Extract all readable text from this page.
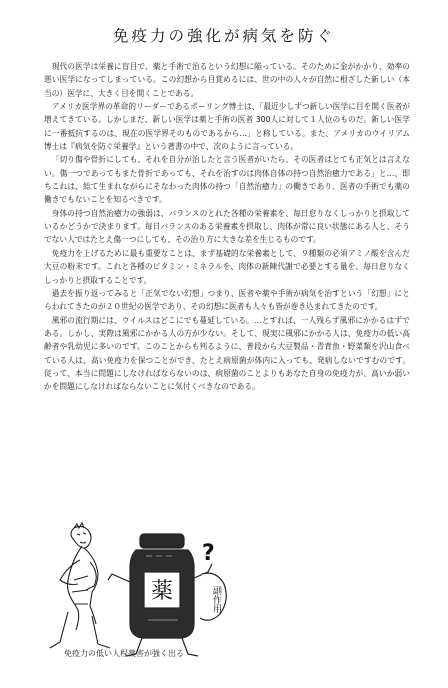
免疫力の強化が病気を防ぐ

現代の医学は栄養に盲目で、薬と手術で治るという幻想に陥っている。そのために金がかかり、効率の悪い医学になってしまっている。この幻想から目覚めるには、世の中の人々が自然に根ざした新しい（本当の）医学に、大きく目を開くことである。

アメリカ医学界の革命的リーダーであるポーリング博士は、「最近少しずつ新しい医学に目を開く医者が増えてきている。しかしまだ、新しい医学は薬と手術の医者 300人に対して１人位のものだ。新しい医学に一番抵抗するのは、現在の医学界そのものであるから…」と称している。また、アメリカのウイリアム博士は『病気を防ぐ栄養学』という著書の中で、次のように言っている。

「切り傷や骨折にしても、それを自分が治したと言う医者がいたら、その医者はとても正気とは言えない。傷一つであってもまた骨折であっても、それを治すのは肉体自体の持つ自然治癒力である」と…。即ちこれは、総て生まれながらにそなわった肉体の持つ「自然治癒力」の働きであり、医者の手術でも薬の働きでもないことを知るべきです。

身体の持つ自然治癒力の強弱は、バランスのとれた各種の栄養素を、毎日怠りなくしっかりと摂取しているかどうかで決まります。毎日バランスのある栄養素を摂取し、肉体が常に良い状態にある人と、そうでない人ではたとえ傷一つにしても、その治り方に大きな差を生じるものです。

免疫力を上げるために最も重要なことは、まず基礎的な栄養素として、９種類の必須アミノ酸を含んだ大豆の粉末です。これと各種のビタミン・ミネラルを、肉体の新陳代謝で必要とする量を、毎日怠りなくしっかりと摂取することです。

過去を振り返ってみると「正気でない幻想」つまり、医者や薬や手術が病気を治すという「幻想」にとらわれてきたのが２０世紀の医学であり、その幻想に医者も人々も皆が巻き込まれてきたのです。

風邪の流行期には、ウイルスはどこにでも蔓延している。…とすれば、一人残らず風邪にかかるはずである。しかし、実際は風邪にかかる人の方が少ない。そして、現実に風邪にかかる人は、免疫力の低い高齢者や乳幼児に多いのです。このことからも判るように、普段から大豆製品・青背魚・野菜類を沢山食べている人は、高い免疫力を保つことができ、たとえ病原菌が体内に入っても、発病しないですむのです。従って、本当に問題にしなければならないのは、病原菌のことよりもあなた自身の免疫力が、高いか弱いかを問題にしなければならないことに気付くべきなのである。

薬
?
副作用
免疫力の低い人程薬害が強く出る
